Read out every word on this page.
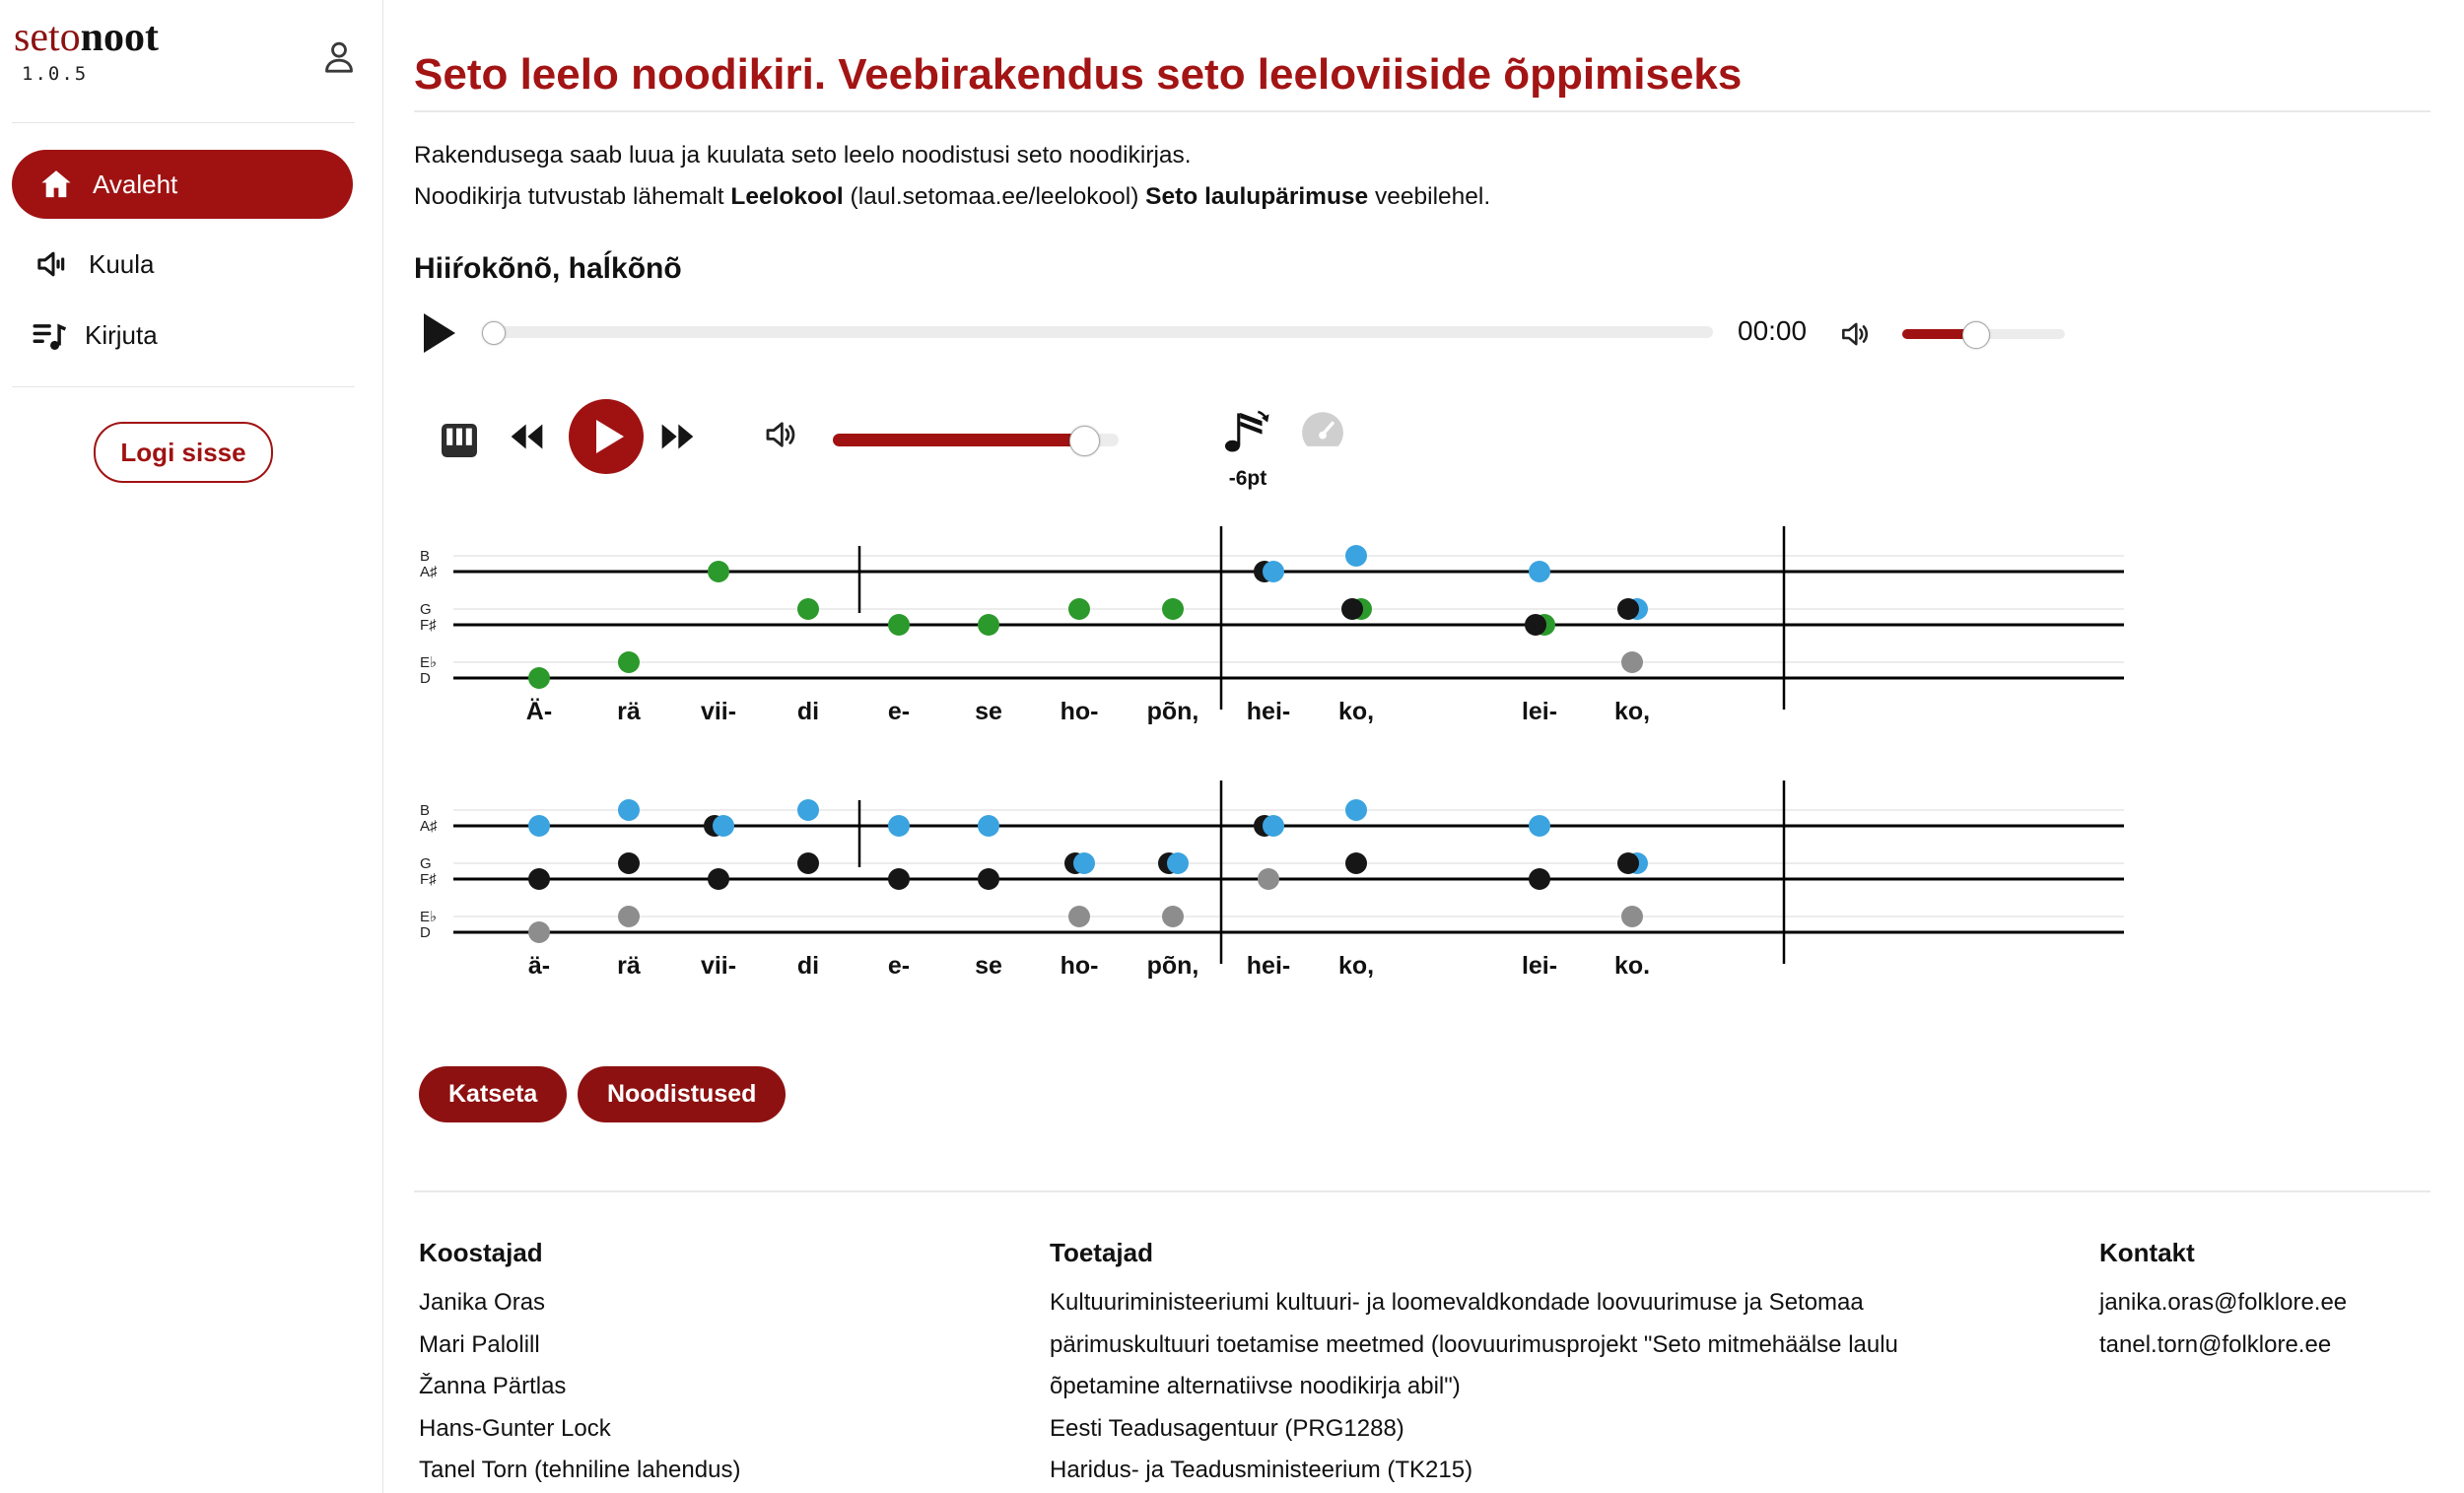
setonoot
1.0.5
Avaleht
Kuula
Kirjuta
Logi sisse
Seto leelo noodikiri. Veebirakendus seto leeloviiside õppimiseks
Rakendusega saab luua ja kuulata seto leelo noodistusi seto noodikirjas.
Noodikirja tutvustab lähemalt Leelokool (laul.setomaa.ee/leelokool) Seto laulupärimuse veebilehel.
Hiiŕokõnõ, haĺkõnõ
00:00
-6pt
B
A♯
G
F♯
E♭
D
Ä-	rä vii- di	e-	se ho- põn, hei- ko,	lei- ko,
B
A♯
G
F♯
E♭
D
ä-	rä vii- di	e-	se ho- põn, hei- ko,	lei- ko.
Katseta	Noodistused
Koostajad
Janika Oras
Mari Palolill
Žanna Pärtlas
Hans-Gunter Lock
Tanel Torn (tehniline lahendus)
Toetajad
Kultuuriministeeriumi kultuuri- ja loomevaldkondade loovuurimuse ja Setomaa
pärimuskultuuri toetamise meetmed (loovuurimusprojekt "Seto mitmehäälse laulu
õpetamine alternatiivse noodikirja abil")
Eesti Teadusagentuur (PRG1288)
Haridus- ja Teadusministeerium (TK215)
Kontakt
janika.oras@folklore.ee
tanel.torn@folklore.ee
